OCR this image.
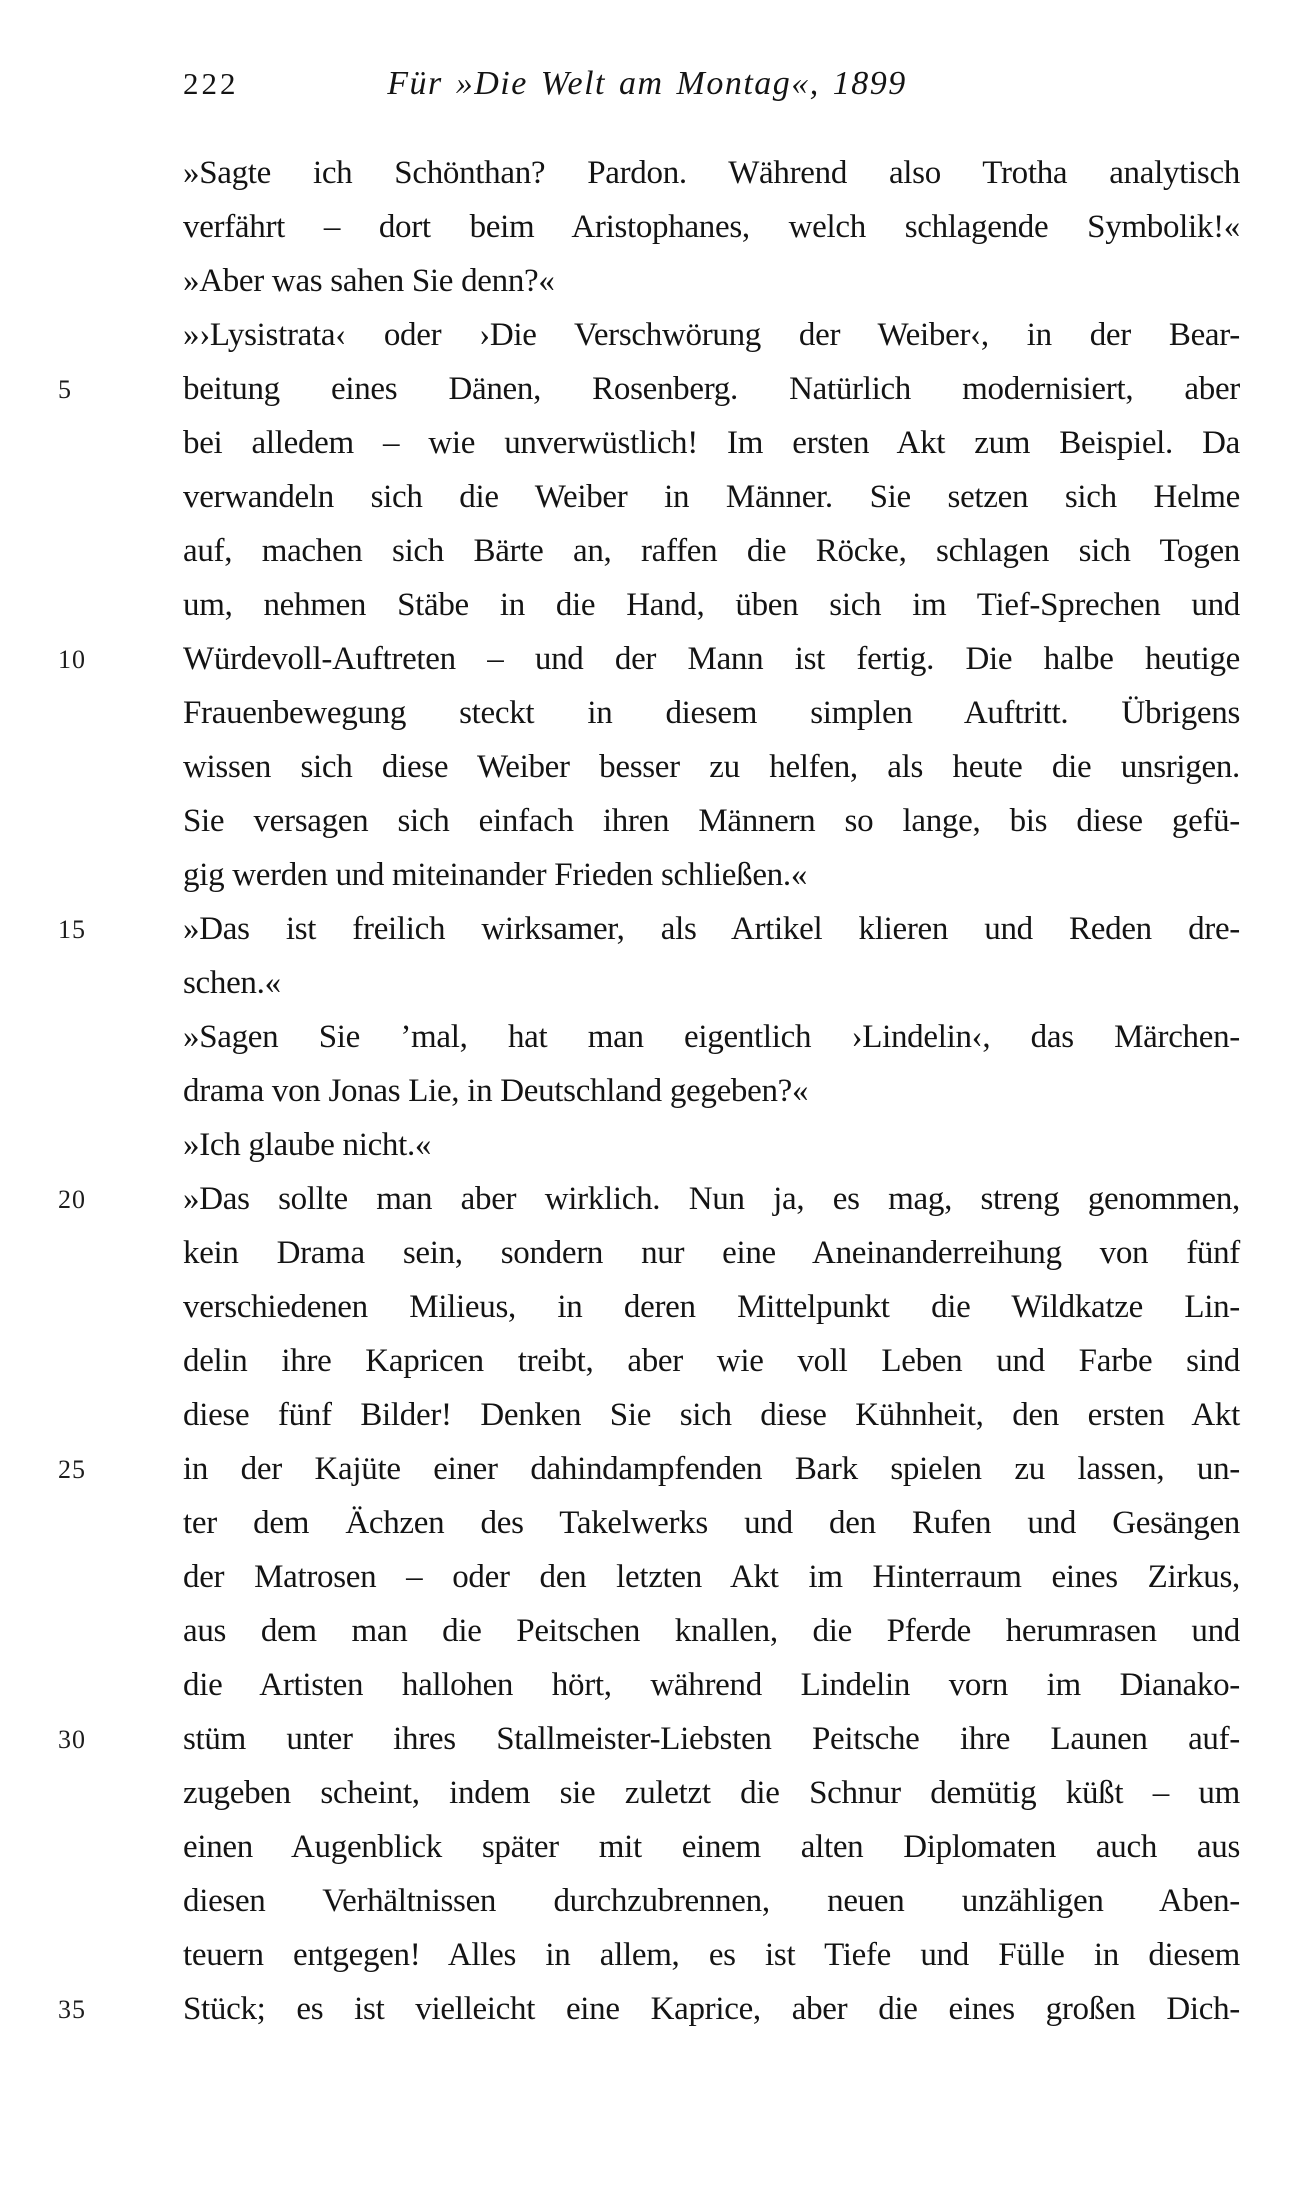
222	Für »Die Welt am Montag«, 1899
»Sagte ich Schönthan? Pardon. Während also Trotha analytisch
verfährt – dort beim Aristophanes, welch schlagende Symbolik!«
»Aber was sahen Sie denn?«
»›Lysistrata‹ oder ›Die Verschwörung der Weiber‹, in der Bear-
5	beitung eines Dänen, Rosenberg. Natürlich modernisiert, aber
bei alledem – wie unverwüstlich! Im ersten Akt zum Beispiel. Da
verwandeln sich die Weiber in Männer. Sie setzen sich Helme
auf, machen sich Bärte an, raffen die Röcke, schlagen sich Togen
um, nehmen Stäbe in die Hand, üben sich im Tief-Sprechen und
10	Würdevoll-Auftreten – und der Mann ist fertig. Die halbe heutige
Frauenbewegung steckt in diesem simplen Auftritt. Übrigens
wissen sich diese Weiber besser zu helfen, als heute die unsrigen.
Sie versagen sich einfach ihren Männern so lange, bis diese gefü-
gig werden und miteinander Frieden schließen.«
15	»Das ist freilich wirksamer, als Artikel klieren und Reden dre-
schen.«
»Sagen Sie ’mal, hat man eigentlich ›Lindelin‹, das Märchen-
drama von Jonas Lie, in Deutschland gegeben?«
»Ich glaube nicht.«
20	»Das sollte man aber wirklich. Nun ja, es mag, streng genommen,
kein Drama sein, sondern nur eine Aneinanderreihung von fünf
verschiedenen Milieus, in deren Mittelpunkt die Wildkatze Lin-
delin ihre Kapricen treibt, aber wie voll Leben und Farbe sind
diese fünf Bilder! Denken Sie sich diese Kühnheit, den ersten Akt
25	in der Kajüte einer dahindampfenden Bark spielen zu lassen, un-
ter dem Ächzen des Takelwerks und den Rufen und Gesängen
der Matrosen – oder den letzten Akt im Hinterraum eines Zirkus,
aus dem man die Peitschen knallen, die Pferde herumrasen und
die Artisten hallohen hört, während Lindelin vorn im Dianako-
30	stüm unter ihres Stallmeister-Liebsten Peitsche ihre Launen auf-
zugeben scheint, indem sie zuletzt die Schnur demütig küßt – um
einen Augenblick später mit einem alten Diplomaten auch aus
diesen Verhältnissen durchzubrennen, neuen unzähligen Aben-
teuern entgegen! Alles in allem, es ist Tiefe und Fülle in diesem
35	Stück; es ist vielleicht eine Kaprice, aber die eines großen Dich-
